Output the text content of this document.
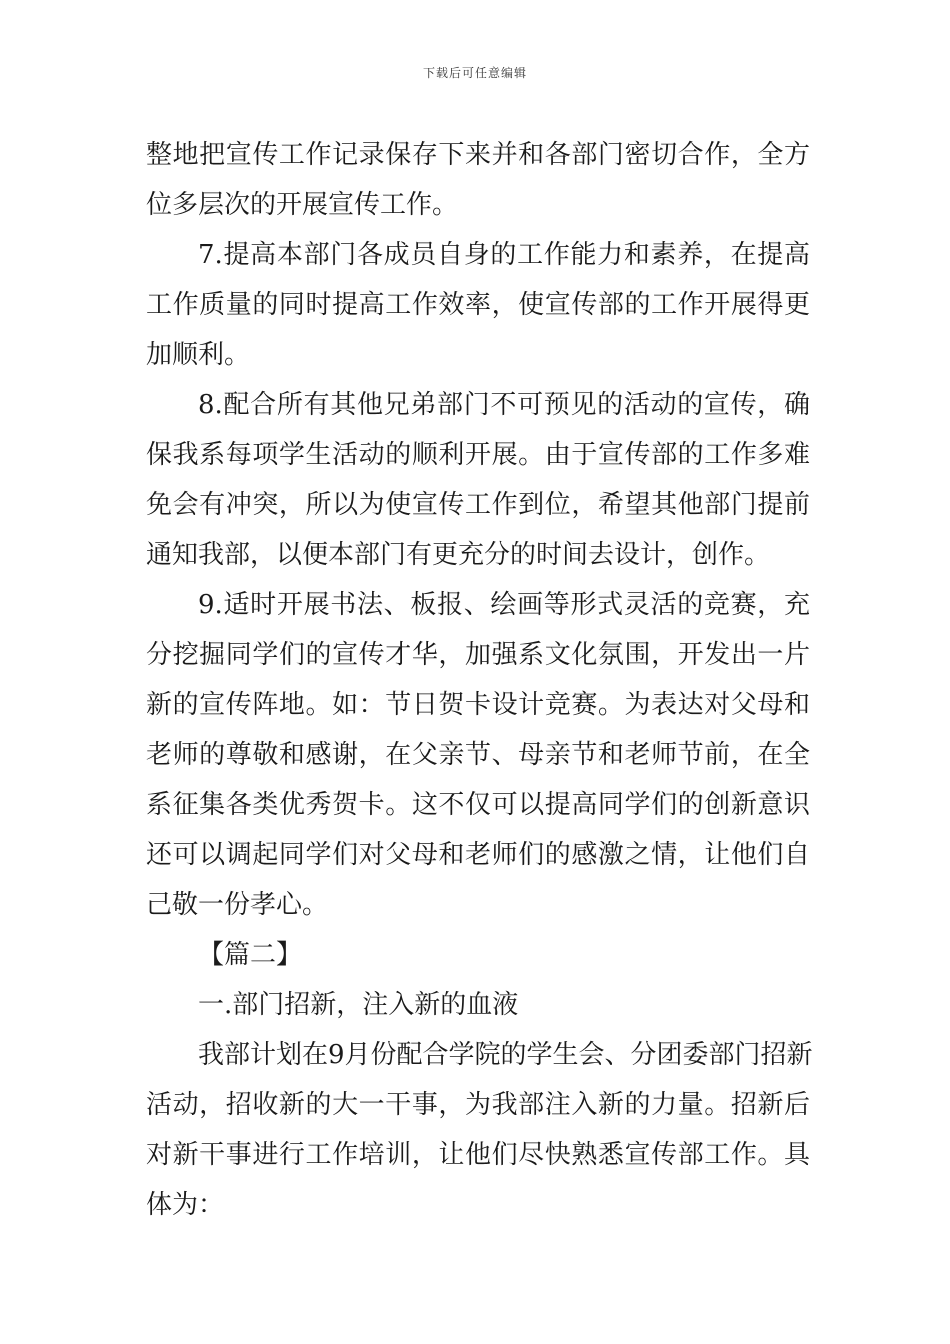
下载后可任意编辑
整地把宣传工作记录保存下来并和各部门密切合作，全方
位多层次的开展宣传工作。
7.提高本部门各成员自身的工作能力和素养，在提高
工作质量的同时提高工作效率，使宣传部的工作开展得更
加顺利。
8.配合所有其他兄弟部门不可预见的活动的宣传，确
保我系每项学生活动的顺利开展。由于宣传部的工作多难
免会有冲突，所以为使宣传工作到位，希望其他部门提前
通知我部，以便本部门有更充分的时间去设计，创作。
9.适时开展书法、板报、绘画等形式灵活的竞赛，充
分挖掘同学们的宣传才华，加强系文化氛围，开发出一片
新的宣传阵地。如：节日贺卡设计竞赛。为表达对父母和
老师的尊敬和感谢，在父亲节、母亲节和老师节前，在全
系征集各类优秀贺卡。这不仅可以提高同学们的创新意识
还可以调起同学们对父母和老师们的感激之情，让他们自
己敬一份孝心。
【篇二】
一.部门招新，注入新的血液
我部计划在9月份配合学院的学生会、分团委部门招新
活动，招收新的大一干事，为我部注入新的力量。招新后
对新干事进行工作培训，让他们尽快熟悉宣传部工作。具
体为：
